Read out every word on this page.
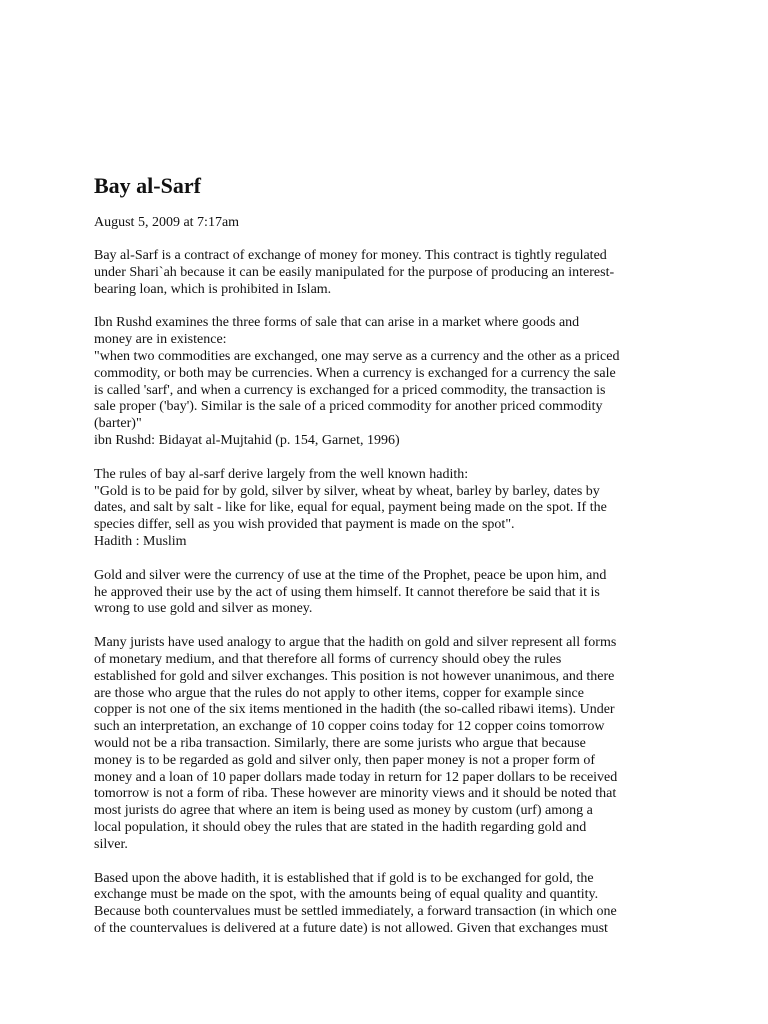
Bay al-Sarf
August 5, 2009 at 7:17am
Bay al-Sarf is a contract of exchange of money for money. This contract is tightly regulated
under Shari`ah because it can be easily manipulated for the purpose of producing an interest-
bearing loan, which is prohibited in Islam.
Ibn Rushd examines the three forms of sale that can arise in a market where goods and
money are in existence:
"when two commodities are exchanged, one may serve as a currency and the other as a priced
commodity, or both may be currencies. When a currency is exchanged for a currency the sale
is called 'sarf', and when a currency is exchanged for a priced commodity, the transaction is
sale proper ('bay'). Similar is the sale of a priced commodity for another priced commodity
(barter)"
ibn Rushd: Bidayat al-Mujtahid (p. 154, Garnet, 1996)
The rules of bay al-sarf derive largely from the well known hadith:
"Gold is to be paid for by gold, silver by silver, wheat by wheat, barley by barley, dates by
dates, and salt by salt - like for like, equal for equal, payment being made on the spot. If the
species differ, sell as you wish provided that payment is made on the spot".
Hadith : Muslim
Gold and silver were the currency of use at the time of the Prophet, peace be upon him, and
he approved their use by the act of using them himself. It cannot therefore be said that it is
wrong to use gold and silver as money.
Many jurists have used analogy to argue that the hadith on gold and silver represent all forms
of monetary medium, and that therefore all forms of currency should obey the rules
established for gold and silver exchanges. This position is not however unanimous, and there
are those who argue that the rules do not apply to other items, copper for example since
copper is not one of the six items mentioned in the hadith (the so-called ribawi items). Under
such an interpretation, an exchange of 10 copper coins today for 12 copper coins tomorrow
would not be a riba transaction. Similarly, there are some jurists who argue that because
money is to be regarded as gold and silver only, then paper money is not a proper form of
money and a loan of 10 paper dollars made today in return for 12 paper dollars to be received
tomorrow is not a form of riba. These however are minority views and it should be noted that
most jurists do agree that where an item is being used as money by custom (urf) among a
local population, it should obey the rules that are stated in the hadith regarding gold and
silver.
Based upon the above hadith, it is established that if gold is to be exchanged for gold, the
exchange must be made on the spot, with the amounts being of equal quality and quantity.
Because both countervalues must be settled immediately, a forward transaction (in which one
of the countervalues is delivered at a future date) is not allowed. Given that exchanges must
